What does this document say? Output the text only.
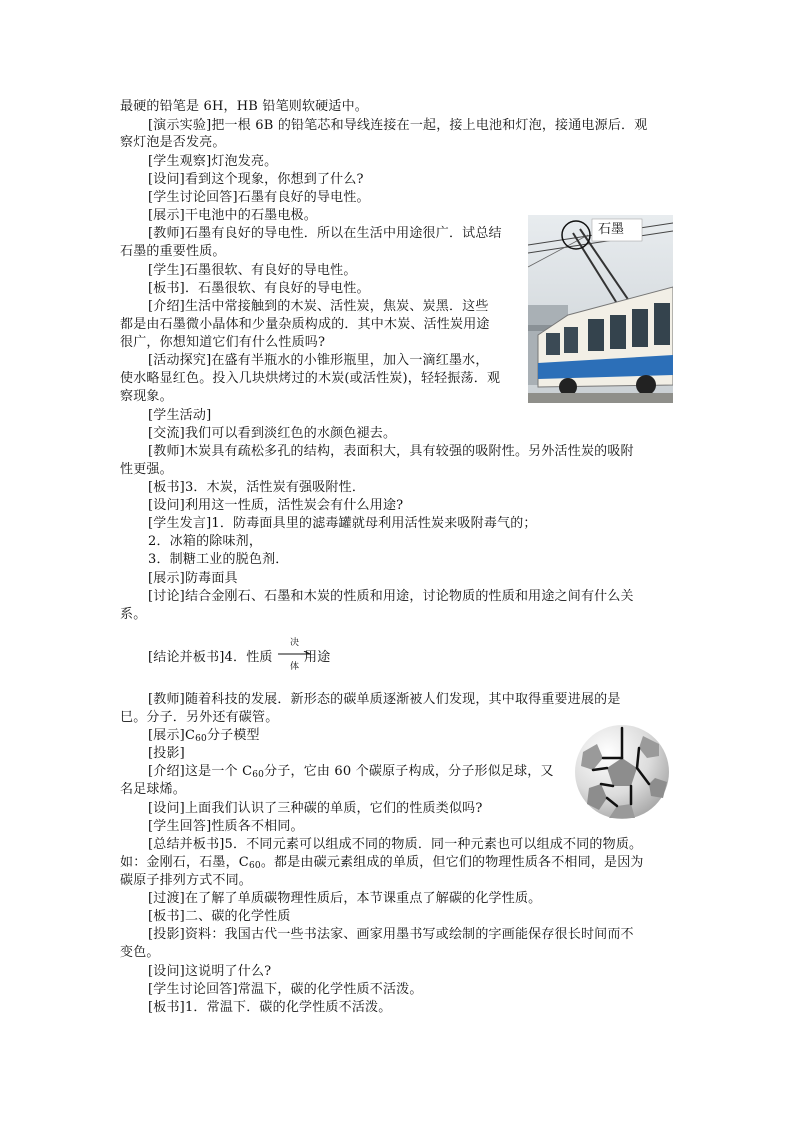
最硬的铅笔是 6H，HB 铅笔则软硬适中。
[演示实验]把一根 6B 的铅笔芯和导线连接在一起，接上电池和灯泡，接通电源后．观
察灯泡是否发亮。
[学生观察]灯泡发亮。
[设问]看到这个现象，你想到了什么?
[学生讨论回答]石墨有良好的导电性。
[展示]干电池中的石墨电极。
[教师]石墨有良好的导电性．所以在生活中用途很广．试总结
石墨的重要性质。
[学生]石墨很软、有良好的导电性。
[板书]．石墨很软、有良好的导电性。
[介绍]生活中常接触到的木炭、活性炭，焦炭、炭黑．这些
都是由石墨微小晶体和少量杂质构成的．其中木炭、活性炭用途
很广，你想知道它们有什么性质吗?
[活动探究]在盛有半瓶水的小锥形瓶里，加入一滴红墨水，
使水略显红色。投入几块烘烤过的木炭(或活性炭)，轻轻振荡．观
察现象。
[学生活动]
[交流]我们可以看到淡红色的水颜色褪去。
[教师]木炭具有疏松多孔的结构，表面积大，具有较强的吸附性。另外活性炭的吸附
性更强。
[板书]3．木炭，活性炭有强吸附性．
[设问]利用这一性质，活性炭会有什么用途?
[学生发言]1．防毒面具里的滤毒罐就母利用活性炭来吸附毒气的；
2．冰箱的除味剂，
3．制糖工业的脱色剂．
[展示]防毒面具
[讨论]结合金刚石、石墨和木炭的性质和用途，讨论物质的性质和用途之间有什么关
系。
[结论并板书]4．性质
决
体
用途
[教师]随着科技的发展．新形态的碳单质逐渐被人们发现，其中取得重要进展的是
巳。分子．另外还有碳管。
[展示]C60分子模型
[投影]
[介绍]这是一个 C60分子，它由 60 个碳原子构成，分子形似足球，又
名足球烯。
[设问]上面我们认识了三种碳的单质，它们的性质类似吗?
[学生回答]性质各不相同。
[总结并板书]5．不同元素可以组成不同的物质．同一种元素也可以组成不同的物质。
如：金刚石，石墨，C60。都是由碳元素组成的单质，但它们的物理性质各不相同，是因为
碳原子排列方式不同。
[过渡]在了解了单质碳物理性质后，本节课重点了解碳的化学性质。
[板书]二、碳的化学性质
[投影]资料：我国古代一些书法家、画家用墨书写或绘制的字画能保存很长时间而不
变色。
[设问]这说明了什么?
[学生讨论回答]常温下，碳的化学性质不活泼。
[板书]1．常温下．碳的化学性质不活泼。
石墨
